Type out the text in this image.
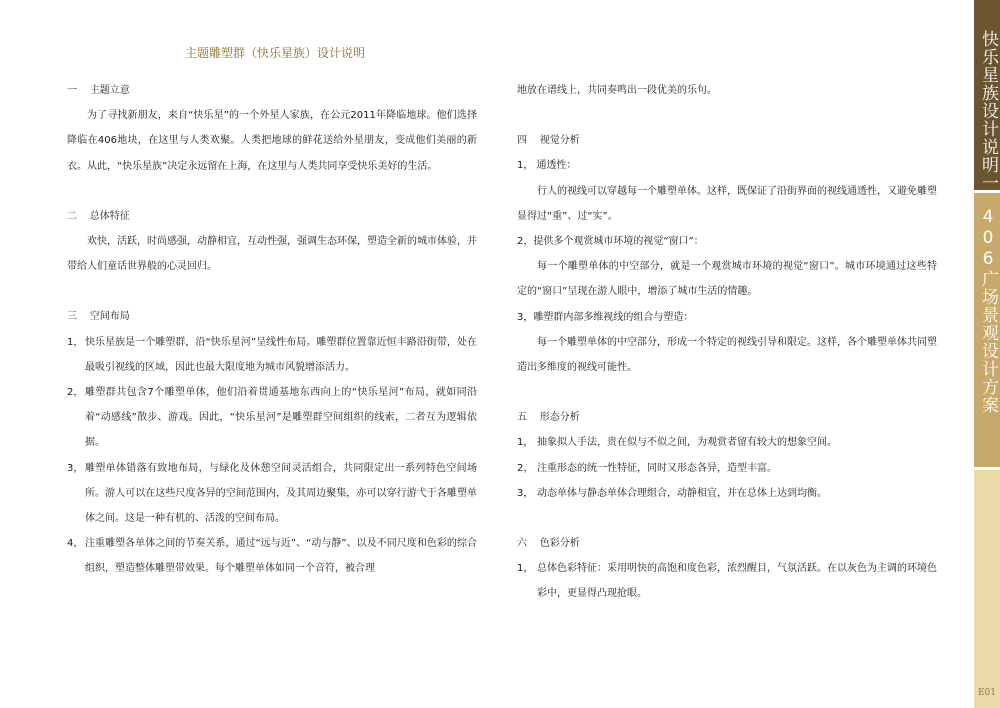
主题雕塑群（快乐星族）设计说明

一 主题立意

为了寻找新朋友，来自“快乐星”的一个外星人家族，在公元2011年降临地球。他们选择降临在406地块，在这里与人类欢聚。人类把地球的鲜花送给外星朋友，变成他们美丽的新衣。从此，“快乐星族”决定永远留在上海，在这里与人类共同享受快乐美好的生活。

二 总体特征

欢快，活跃，时尚感强，动静相宜，互动性强，强调生态环保，塑造全新的城市体验，并带给人们童话世界般的心灵回归。

三 空间布局

1， 快乐星族是一个雕塑群，沿“快乐星河”呈线性布局。雕塑群位置靠近恒丰路沿街带，处在最吸引视线的区域，因此也最大限度地为城市风貌增添活力。

2， 雕塑群共包含7个雕塑单体，他们沿着贯通基地东西向上的“快乐星河”布局，就如同沿着“动感线”散步、游戏。因此，“快乐星河”是雕塑群空间组织的线索，二者互为逻辑依据。

3， 雕塑单体错落有致地布局，与绿化及休憩空间灵活组合，共同限定出一系列特色空间场所。游人可以在这些尺度各异的空间范围内，及其周边聚集，亦可以穿行游弋于各雕塑单体之间。这是一种有机的、活泼的空间布局。

4， 注重雕塑各单体之间的节奏关系，通过“远与近”、“动与静”、以及不同尺度和色彩的综合组织，塑造整体雕塑带效果。每个雕塑单体如同一个音符，被合理

地放在谱线上，共同奏鸣出一段优美的乐句。

四 视觉分析

1， 通透性：

行人的视线可以穿越每一个雕塑单体。这样，既保证了沿街界面的视线通透性，又避免雕塑显得过“重”、过“实”。

2，提供多个观赏城市环境的视觉“窗口”：

每一个雕塑单体的中空部分，就是一个观赏城市环境的视觉“窗口”。城市环境通过这些特定的“窗口”呈现在游人眼中，增添了城市生活的情趣。

3，雕塑群内部多维视线的组合与塑造：

每一个雕塑单体的中空部分，形成一个特定的视线引导和限定。这样，各个雕塑单体共同塑造出多维度的视线可能性。

五 形态分析

1， 抽象拟人手法，贵在似与不似之间，为观赏者留有较大的想象空间。

2， 注重形态的统一性特征，同时又形态各异，造型丰富。

3， 动态单体与静态单体合理组合，动静相宜，并在总体上达到均衡。

六 色彩分析

1， 总体色彩特征：采用明快的高饱和度色彩，浓烈醒目，气氛活跃。在以灰色为主调的环境色彩中，更显得凸现抢眼。

快乐星族设计说明一
406广场景观设计方案
E01
